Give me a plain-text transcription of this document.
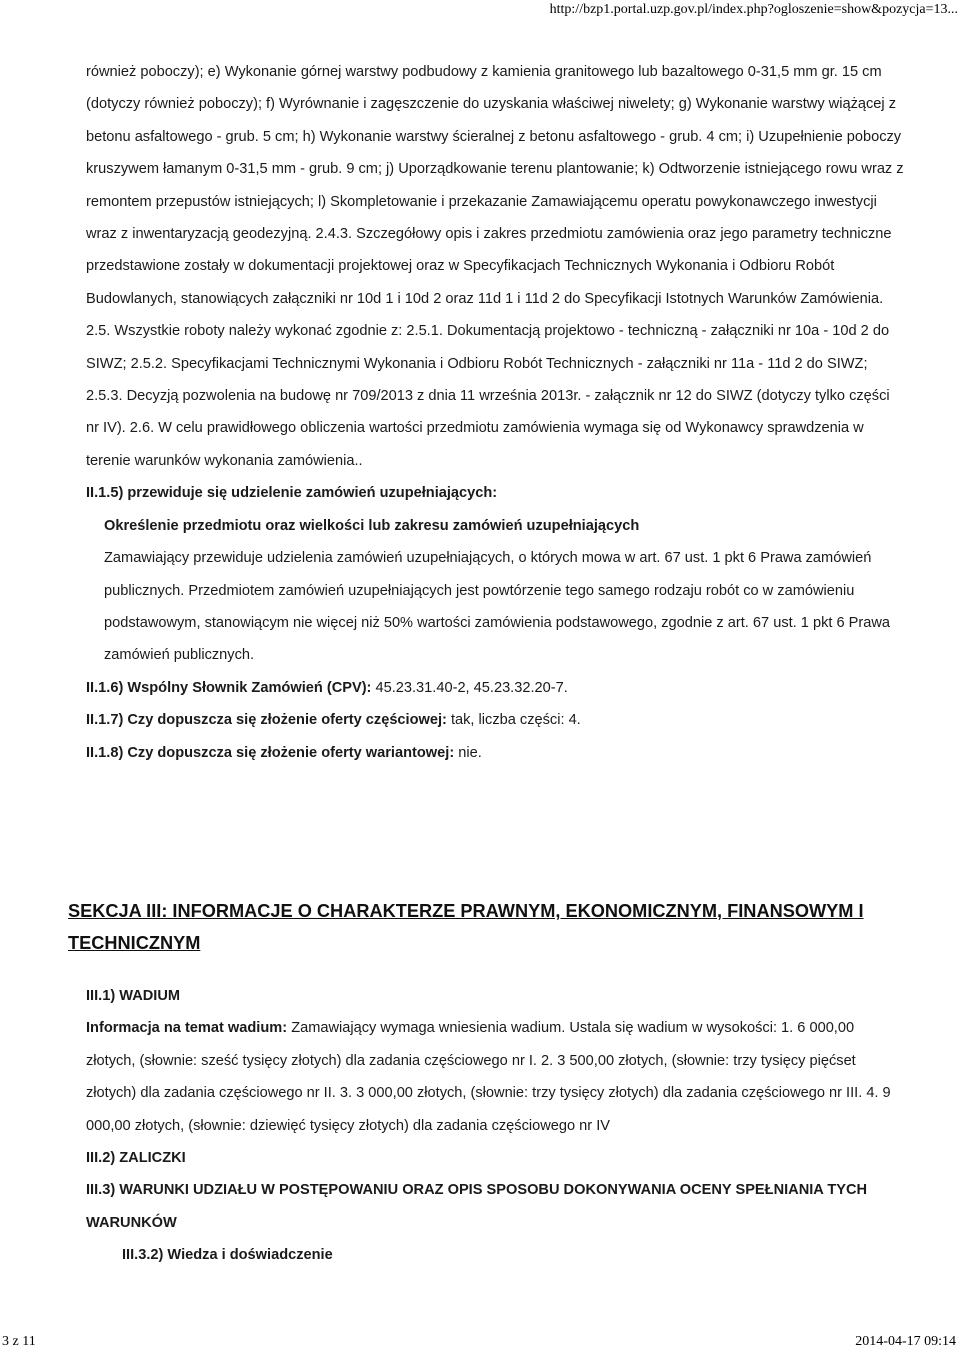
http://bzp1.portal.uzp.gov.pl/index.php?ogloszenie=show&pozycja=13...

również poboczy); e) Wykonanie górnej warstwy podbudowy z kamienia granitowego lub bazaltowego 0-31,5 mm gr. 15 cm (dotyczy również poboczy); f) Wyrównanie i zagęszczenie do uzyskania właściwej niwelety; g) Wykonanie warstwy wiążącej z betonu asfaltowego - grub. 5 cm; h) Wykonanie warstwy ścieralnej z betonu asfaltowego - grub. 4 cm; i) Uzupełnienie poboczy kruszywem łamanym 0-31,5 mm - grub. 9 cm; j) Uporządkowanie terenu plantowanie; k) Odtworzenie istniejącego rowu wraz z remontem przepustów istniejących; l) Skompletowanie i przekazanie Zamawiającemu operatu powykonawczego inwestycji wraz z inwentaryzacją geodezyjną. 2.4.3. Szczegółowy opis i zakres przedmiotu zamówienia oraz jego parametry techniczne przedstawione zostały w dokumentacji projektowej oraz w Specyfikacjach Technicznych Wykonania i Odbioru Robót Budowlanych, stanowiących załączniki nr 10d 1 i 10d 2 oraz 11d 1 i 11d 2 do Specyfikacji Istotnych Warunków Zamówienia. 2.5. Wszystkie roboty należy wykonać zgodnie z: 2.5.1. Dokumentacją projektowo - techniczną - załączniki nr 10a - 10d 2 do SIWZ; 2.5.2. Specyfikacjami Technicznymi Wykonania i Odbioru Robót Technicznych - załączniki nr 11a - 11d 2 do SIWZ; 2.5.3. Decyzją pozwolenia na budowę nr 709/2013 z dnia 11 września 2013r. - załącznik nr 12 do SIWZ (dotyczy tylko części nr IV). 2.6. W celu prawidłowego obliczenia wartości przedmiotu zamówienia wymaga się od Wykonawcy sprawdzenia w terenie warunków wykonania zamówienia..

II.1.5) przewiduje się udzielenie zamówień uzupełniających:

Określenie przedmiotu oraz wielkości lub zakresu zamówień uzupełniających

Zamawiający przewiduje udzielenia zamówień uzupełniających, o których mowa w art. 67 ust. 1 pkt 6 Prawa zamówień publicznych. Przedmiotem zamówień uzupełniających jest powtórzenie tego samego rodzaju robót co w zamówieniu podstawowym, stanowiącym nie więcej niż 50% wartości zamówienia podstawowego, zgodnie z art. 67 ust. 1 pkt 6 Prawa zamówień publicznych.

II.1.6) Wspólny Słownik Zamówień (CPV): 45.23.31.40-2, 45.23.32.20-7.

II.1.7) Czy dopuszcza się złożenie oferty częściowej: tak, liczba części: 4.

II.1.8) Czy dopuszcza się złożenie oferty wariantowej: nie.

SEKCJA III: INFORMACJE O CHARAKTERZE PRAWNYM, EKONOMICZNYM, FINANSOWYM I TECHNICZNYM

III.1) WADIUM

Informacja na temat wadium: Zamawiający wymaga wniesienia wadium. Ustala się wadium w wysokości: 1. 6 000,00 złotych, (słownie: sześć tysięcy złotych) dla zadania częściowego nr I. 2. 3 500,00 złotych, (słownie: trzy tysięcy pięćset złotych) dla zadania częściowego nr II. 3. 3 000,00 złotych, (słownie: trzy tysięcy złotych) dla zadania częściowego nr III. 4. 9 000,00 złotych, (słownie: dziewięć tysięcy złotych) dla zadania częściowego nr IV

III.2) ZALICZKI

III.3) WARUNKI UDZIAŁU W POSTĘPOWANIU ORAZ OPIS SPOSOBU DOKONYWANIA OCENY SPEŁNIANIA TYCH WARUNKÓW

III.3.2) Wiedza i doświadczenie

3 z 11	2014-04-17 09:14
